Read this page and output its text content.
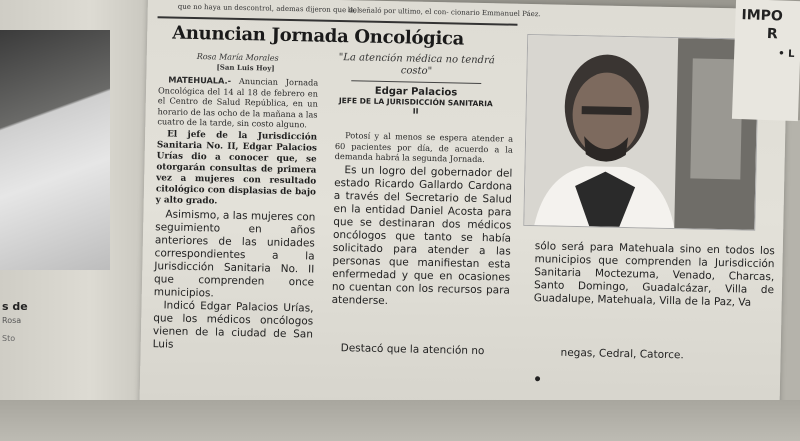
s de
Rosa
Sto
que no haya un descontrol, ademas dijeron que del
la, señaló por ultimo, el con- cionario Emmanuel Páez.
Anuncian Jornada Oncológica
Rosa María Morales
[San Luis Hoy]

MATEHUALA.- Anuncian Jornada Oncológica del 14 al 18 de febrero en el Centro de Salud República, en un horario de las ocho de la mañana a las cuatro de la tarde, sin costo alguno.

El jefe de la Jurisdicción Sanitaria No. II, Edgar Palacios Urías dio a conocer que, se otorgarán consultas de primera vez a mujeres con resultado citológico con displasias de bajo y alto grado.

Asimismo, a las mujeres con seguimiento en años anteriores de las unidades correspondientes a la Jurisdicción Sanitaria No. II que comprenden once municipios.

Indicó Edgar Palacios Urías, que los médicos oncólogos vienen de la ciudad de San Luis

"La atención médica no tendrá costo"
Edgar Palacios
JEFE DE LA JURISDICCIÓN SANITARIA II

Potosí y al menos se espera atender a 60 pacientes por día, de acuerdo a la demanda habrá la segunda Jornada.

Es un logro del gobernador del estado Ricardo Gallardo Cardona a través del Secretario de Salud en la entidad Daniel Acosta para que se destinaran dos médicos oncólogos que tanto se había solicitado para atender a las personas que manifiestan esta enfermedad y que en ocasiones no cuentan con los recursos para atenderse.

sólo será para Matehuala sino en todos los municipios que comprenden la Jurisdicción Sanitaria Moctezuma, Venado, Charcas, Santo Domingo, Guadalcázar, Villa de Guadalupe, Matehuala, Villa de la Paz, Va

Destacó que la atención no	negas, Cedral, Catorce.
IMPO
R
• L
